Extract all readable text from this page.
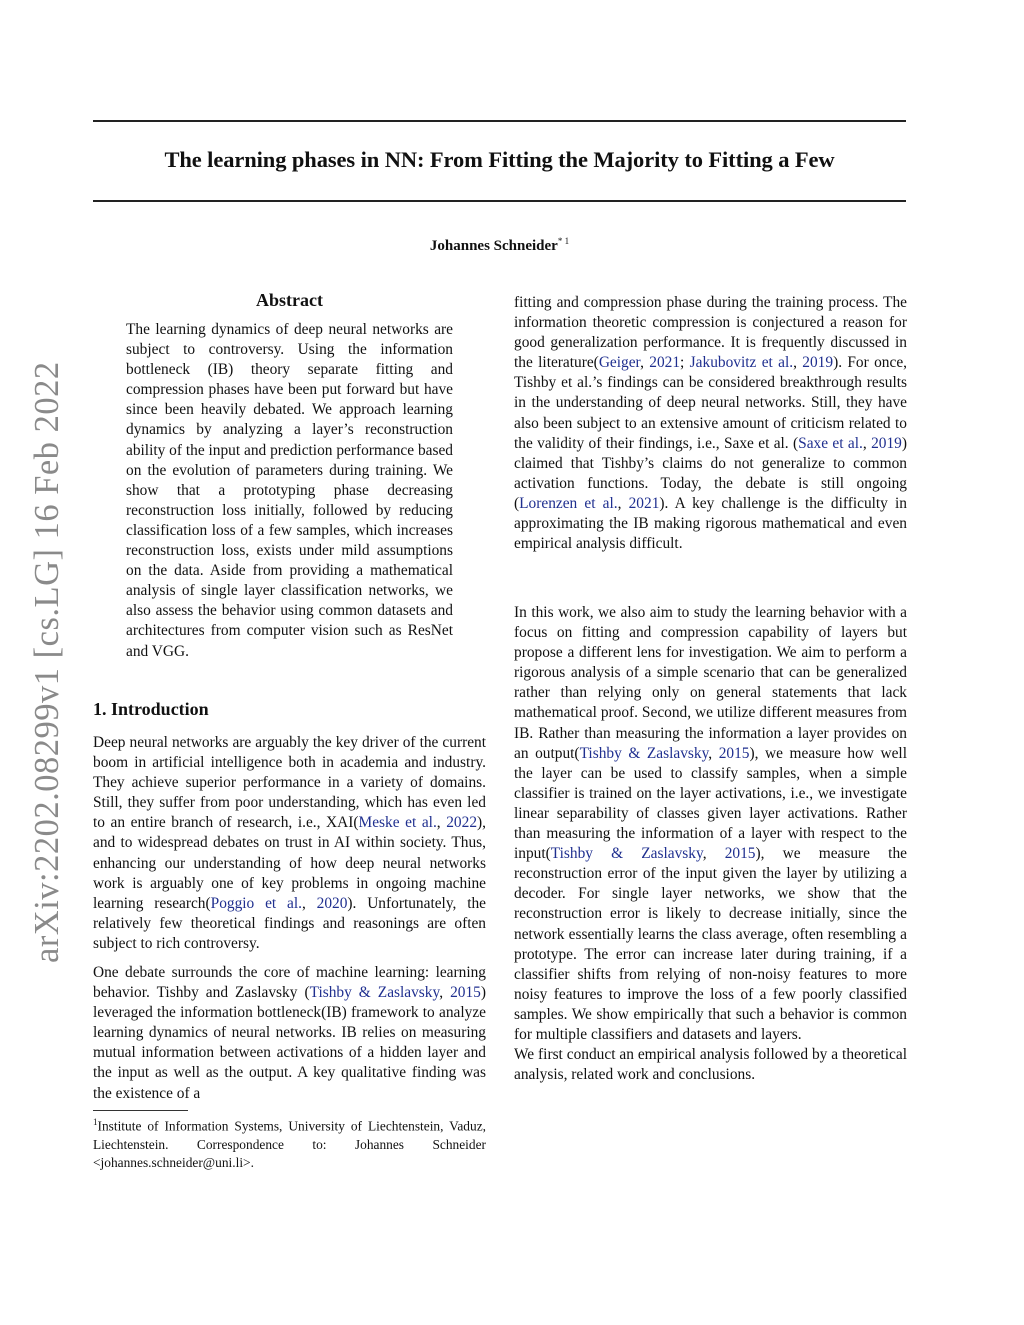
The learning phases in NN: From Fitting the Majority to Fitting a Few
Johannes Schneider$^{* 1}$
arXiv:2202.08299v1 [cs.LG] 16 Feb 2022
Abstract

The learning dynamics of deep neural networks are subject to controversy. Using the information bottleneck (IB) theory separate fitting and compression phases have been put forward but have since been heavily debated. We approach learning dynamics by analyzing a layer’s reconstruction ability of the input and prediction performance based on the evolution of parameters during training. We show that a prototyping phase decreasing reconstruction loss initially, followed by reducing classification loss of a few samples, which increases reconstruction loss, exists under mild assumptions on the data. Aside from providing a mathematical analysis of single layer classification networks, we also assess the behavior using common datasets and architectures from computer vision such as ResNet and VGG.

1. Introduction

Deep neural networks are arguably the key driver of the current boom in artificial intelligence both in academia and industry. They achieve superior performance in a variety of domains. Still, they suffer from poor understanding, which has even led to an entire branch of research, i.e., XAI(Meske et al., 2022), and to widespread debates on trust in AI within society. Thus, enhancing our understanding of how deep neural networks work is arguably one of key problems in ongoing machine learning research(Poggio et al., 2020). Unfortunately, the relatively few theoretical findings and reasonings are often subject to rich controversy.

One debate surrounds the core of machine learning: learning behavior. Tishby and Zaslavsky (Tishby & Zaslavsky, 2015) leveraged the information bottleneck(IB) framework to analyze learning dynamics of neural networks. IB relies on measuring mutual information between activations of a hidden layer and the input as well as the output. A key qualitative finding was the existence of a

$^1$Institute of Information Systems, University of Liechtenstein, Vaduz, Liechtenstein. Correspondence to: Johannes Schneider <johannes.schneider@uni.li>.

fitting and compression phase during the training process. The information theoretic compression is conjectured a reason for good generalization performance. It is frequently discussed in the literature(Geiger, 2021; Jakubovitz et al., 2019). For once, Tishby et al.’s findings can be considered breakthrough results in the understanding of deep neural networks. Still, they have also been subject to an extensive amount of criticism related to the validity of their findings, i.e., Saxe et al. (Saxe et al., 2019) claimed that Tishby’s claims do not generalize to common activation functions. Today, the debate is still ongoing (Lorenzen et al., 2021). A key challenge is the difficulty in approximating the IB making rigorous mathematical and even empirical analysis difficult.

In this work, we also aim to study the learning behavior with a focus on fitting and compression capability of layers but propose a different lens for investigation. We aim to perform a rigorous analysis of a simple scenario that can be generalized rather than relying only on general statements that lack mathematical proof. Second, we utilize different measures from IB. Rather than measuring the information a layer provides on an output(Tishby & Zaslavsky, 2015), we measure how well the layer can be used to classify samples, when a simple classifier is trained on the layer activations, i.e., we investigate linear separability of classes given layer activations. Rather than measuring the information of a layer with respect to the input(Tishby & Zaslavsky, 2015), we measure the reconstruction error of the input given the layer by utilizing a decoder. For single layer networks, we show that the reconstruction error is likely to decrease initially, since the network essentially learns the class average, often resembling a prototype. The error can increase later during training, if a classifier shifts from relying of non-noisy features to more noisy features to improve the loss of a few poorly classified samples. We show empirically that such a behavior is common for multiple classifiers and datasets and layers.

We first conduct an empirical analysis followed by a theoretical analysis, related work and conclusions.
